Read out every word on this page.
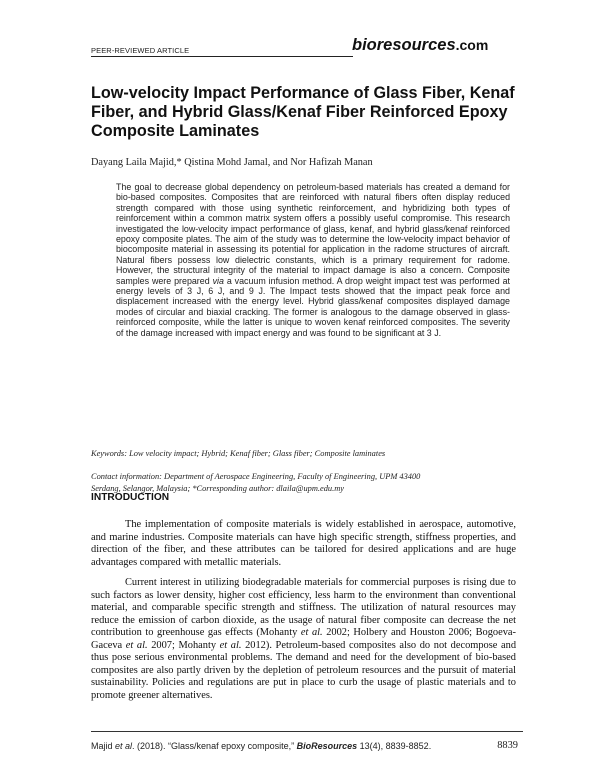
PEER-REVIEWED ARTICLE	bioresources.com
Low-velocity Impact Performance of Glass Fiber, Kenaf Fiber, and Hybrid Glass/Kenaf Fiber Reinforced Epoxy Composite Laminates
Dayang Laila Majid,* Qistina Mohd Jamal, and Nor Hafizah Manan

The goal to decrease global dependency on petroleum-based materials has created a demand for bio-based composites. Composites that are reinforced with natural fibers often display reduced strength compared with those using synthetic reinforcement, and hybridizing both types of reinforcement within a common matrix system offers a possibly useful compromise. This research investigated the low-velocity impact performance of glass, kenaf, and hybrid glass/kenaf reinforced epoxy composite plates. The aim of the study was to determine the low-velocity impact behavior of biocomposite material in assessing its potential for application in the radome structures of aircraft. Natural fibers possess low dielectric constants, which is a primary requirement for radome. However, the structural integrity of the material to impact damage is also a concern. Composite samples were prepared via a vacuum infusion method. A drop weight impact test was performed at energy levels of 3 J, 6 J, and 9 J. The Impact tests showed that the impact peak force and displacement increased with the energy level. Hybrid glass/kenaf composites displayed damage modes of circular and biaxial cracking. The former is analogous to the damage observed in glass-reinforced composite, while the latter is unique to woven kenaf reinforced composites. The severity of the damage increased with impact energy and was found to be significant at 3 J.

Keywords: Low velocity impact; Hybrid; Kenaf fiber; Glass fiber; Composite laminates

Contact information: Department of Aerospace Engineering, Faculty of Engineering, UPM 43400 Serdang, Selangor, Malaysia; *Corresponding author: dlaila@upm.edu.my

INTRODUCTION

The implementation of composite materials is widely established in aerospace, automotive, and marine industries. Composite materials can have high specific strength, stiffness properties, and direction of the fiber, and these attributes can be tailored for desired applications and are huge advantages compared with metallic materials.

Current interest in utilizing biodegradable materials for commercial purposes is rising due to such factors as lower density, higher cost efficiency, less harm to the environment than conventional material, and comparable specific strength and stiffness. The utilization of natural resources may reduce the emission of carbon dioxide, as the usage of natural fiber composite can decrease the net contribution to greenhouse gas effects (Mohanty et al. 2002; Holbery and Houston 2006; Bogoeva-Gaceva et al. 2007; Mohanty et al. 2012). Petroleum-based composites also do not decompose and thus pose serious environmental problems. The demand and need for the development of bio-based composites are also partly driven by the depletion of petroleum resources and the pursuit of material sustainability. Policies and regulations are put in place to curb the usage of plastic materials and to promote greener alternatives.

Majid et al. (2018). “Glass/kenaf epoxy composite,” BioResources 13(4), 8839-8852.	8839
